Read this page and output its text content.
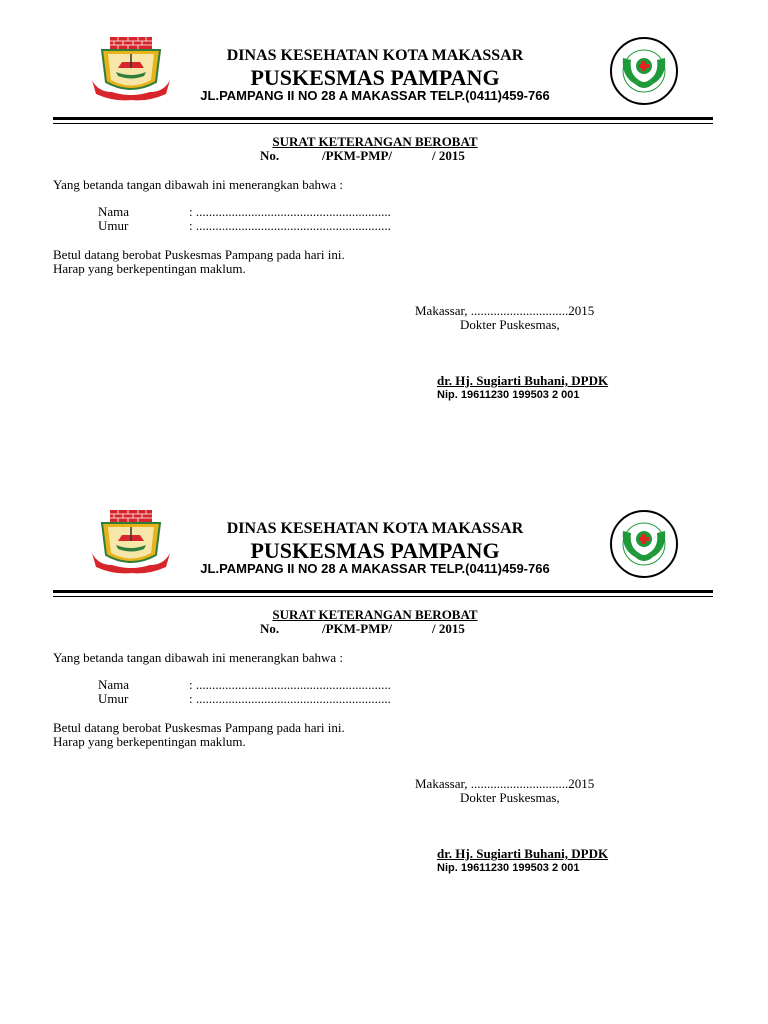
DINAS KESEHATAN KOTA MAKASSAR
PUSKESMAS PAMPANG
JL.PAMPANG II NO 28 A MAKASSAR TELP.(0411)459-766
SURAT KETERANGAN BEROBAT
No.	/PKM-PMP/	/ 2015
Yang betanda tangan dibawah ini menerangkan bahwa :
Nama	: ............................................................
Umur	: ............................................................
Betul datang berobat Puskesmas Pampang pada hari ini.
Harap yang berkepentingan maklum.
Makassar, ..............................2015
Dokter Puskesmas,
dr. Hj. Sugiarti Buhani, DPDK
Nip. 19611230 199503 2 001
DINAS KESEHATAN KOTA MAKASSAR
PUSKESMAS PAMPANG
JL.PAMPANG II NO 28 A MAKASSAR TELP.(0411)459-766
SURAT KETERANGAN BEROBAT
No.	/PKM-PMP/	/ 2015
Yang betanda tangan dibawah ini menerangkan bahwa :
Nama	: ............................................................
Umur	: ............................................................
Betul datang berobat Puskesmas Pampang pada hari ini.
Harap yang berkepentingan maklum.
Makassar, ..............................2015
Dokter Puskesmas,
dr. Hj. Sugiarti Buhani, DPDK
Nip. 19611230 199503 2 001
